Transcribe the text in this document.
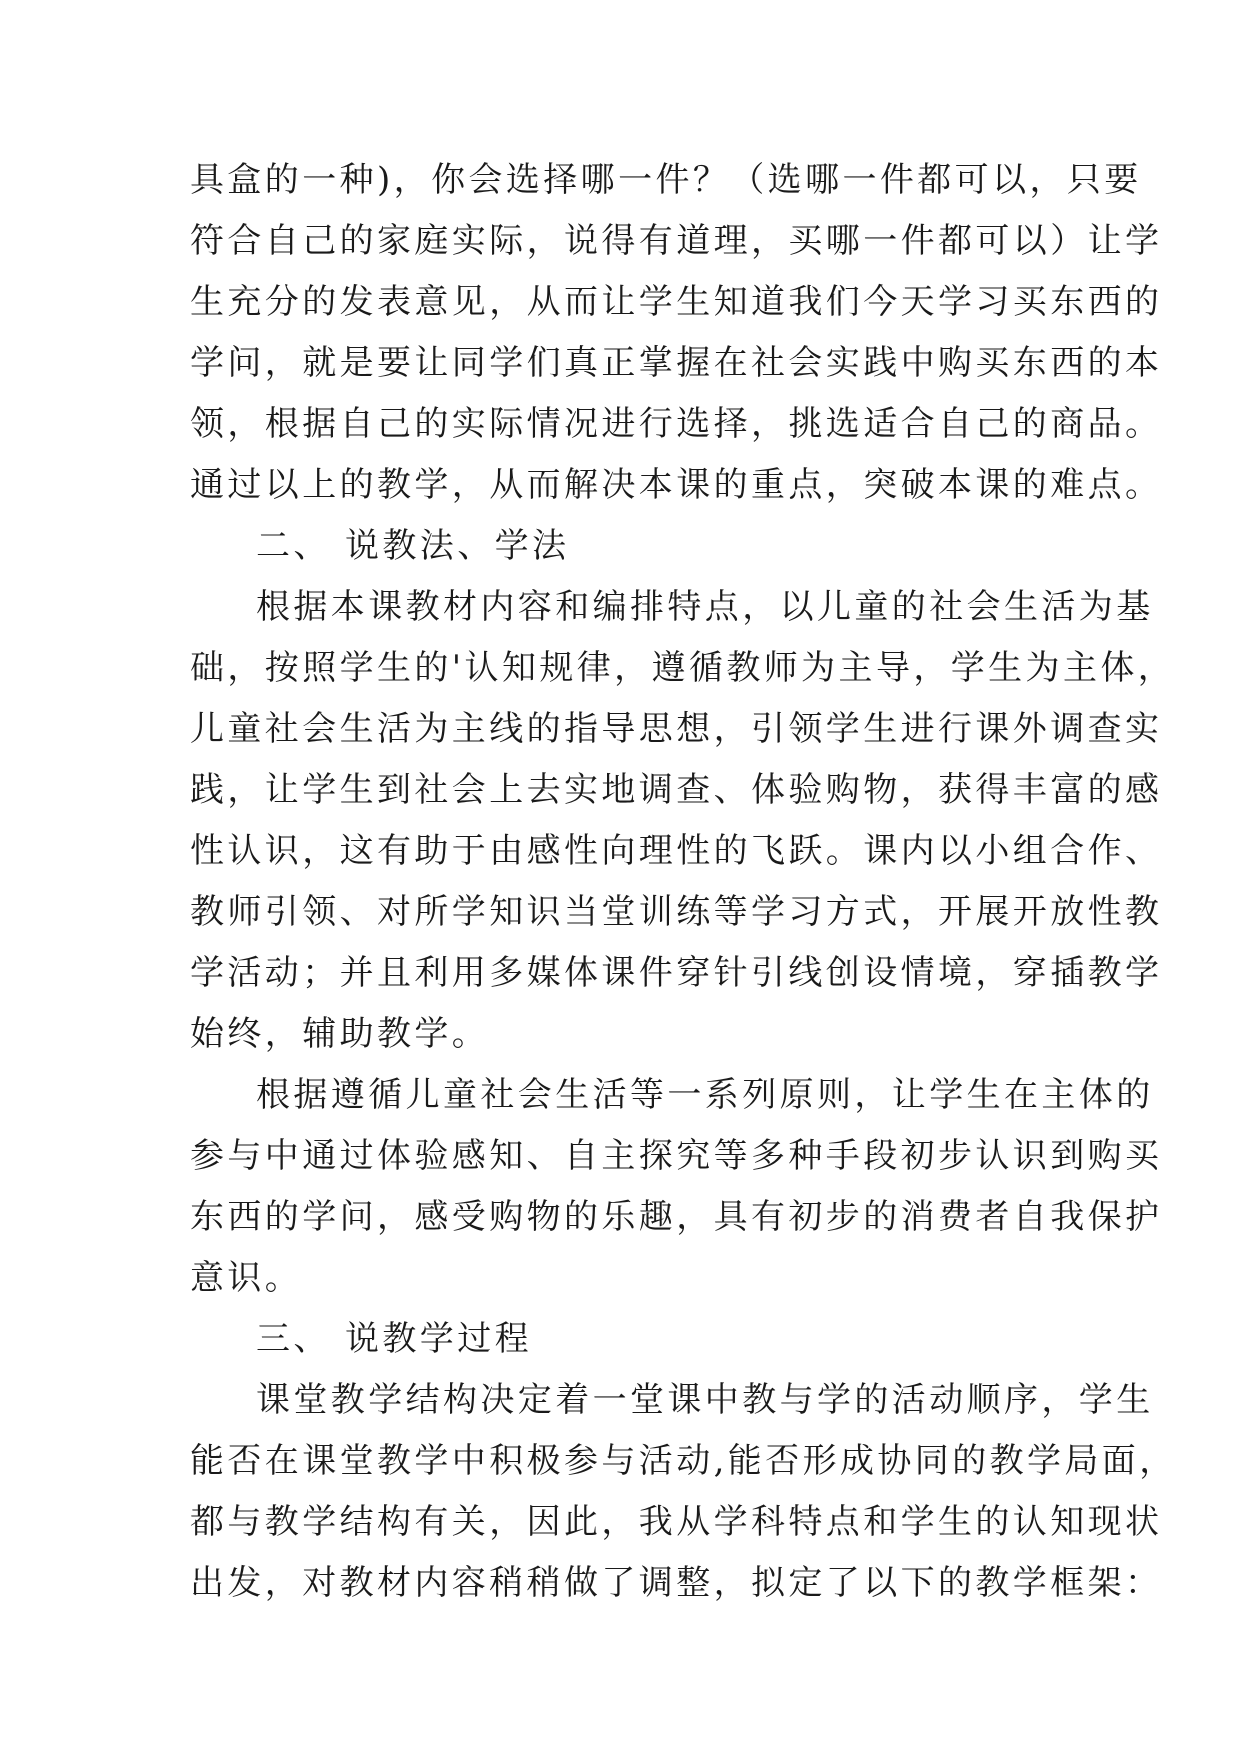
具盒的一种)，你会选择哪一件？（选哪一件都可以，只要
符合自己的家庭实际，说得有道理，买哪一件都可以）让学
生充分的发表意见，从而让学生知道我们今天学习买东西的
学问，就是要让同学们真正掌握在社会实践中购买东西的本
领，根据自己的实际情况进行选择，挑选适合自己的商品。
通过以上的教学，从而解决本课的重点，突破本课的难点。
二、 说教法、学法
根据本课教材内容和编排特点，以儿童的社会生活为基
础，按照学生的'认知规律，遵循教师为主导，学生为主体，
儿童社会生活为主线的指导思想，引领学生进行课外调查实
践，让学生到社会上去实地调查、体验购物，获得丰富的感
性认识，这有助于由感性向理性的飞跃。课内以小组合作、
教师引领、对所学知识当堂训练等学习方式，开展开放性教
学活动；并且利用多媒体课件穿针引线创设情境，穿插教学
始终，辅助教学。
根据遵循儿童社会生活等一系列原则，让学生在主体的
参与中通过体验感知、自主探究等多种手段初步认识到购买
东西的学问，感受购物的乐趣，具有初步的消费者自我保护
意识。
三、 说教学过程
课堂教学结构决定着一堂课中教与学的活动顺序，学生
能否在课堂教学中积极参与活动,能否形成协同的教学局面，
都与教学结构有关，因此，我从学科特点和学生的认知现状
出发，对教材内容稍稍做了调整，拟定了以下的教学框架：
